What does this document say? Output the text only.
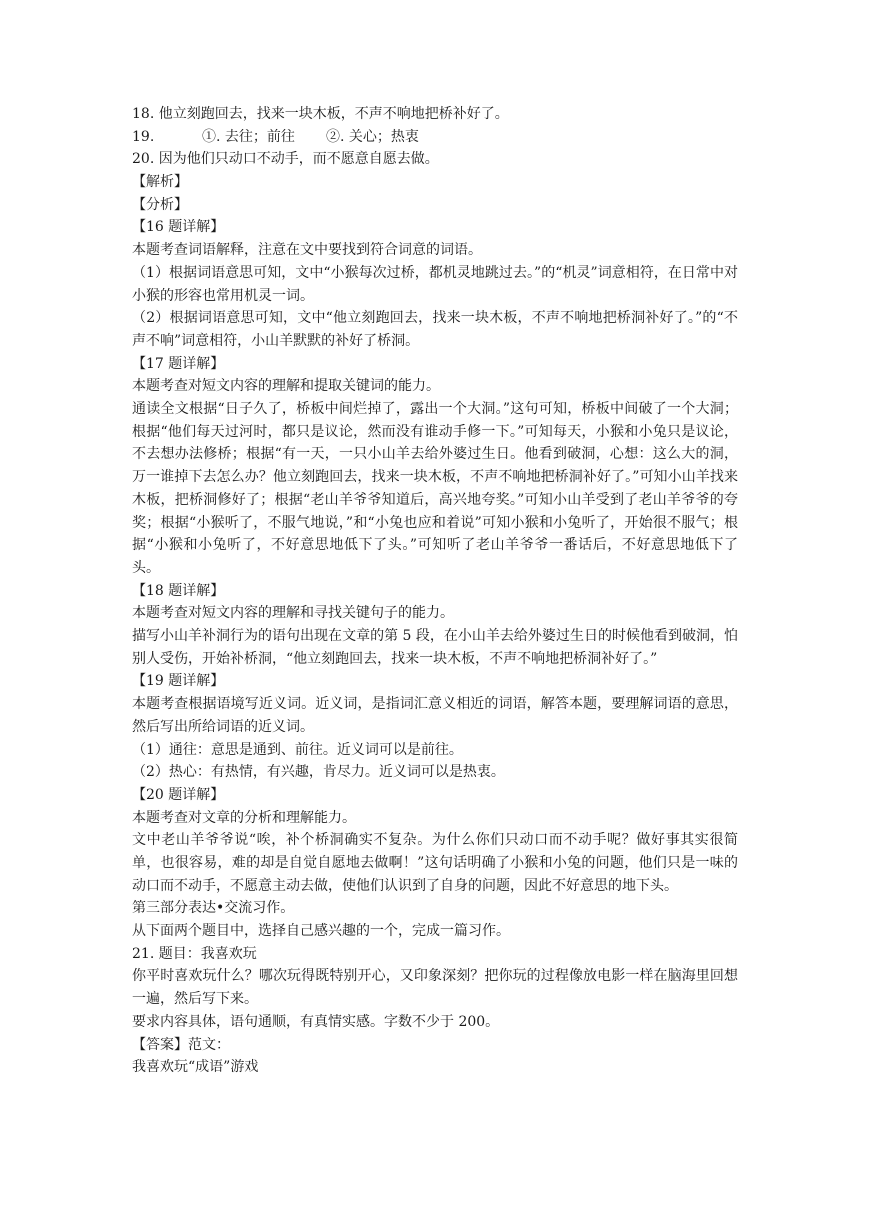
18. 他立刻跑回去，找来一块木板，不声不响地把桥补好了。
19.	①. 去往；前往 ②. 关心；热衷
20. 因为他们只动口不动手，而不愿意自愿去做。
【解析】
【分析】
【16 题详解】
本题考查词语解释，注意在文中要找到符合词意的词语。
（1）根据词语意思可知，文中“小猴每次过桥，都机灵地跳过去。”的“机灵”词意相符，在日常中对小猴的形容也常用机灵一词。
（2）根据词语意思可知，文中“他立刻跑回去，找来一块木板，不声不响地把桥洞补好了。”的“不声不响”词意相符，小山羊默默的补好了桥洞。
【17 题详解】
本题考查对短文内容的理解和提取关键词的能力。
通读全文根据“日子久了，桥板中间烂掉了，露出一个大洞。”这句可知，桥板中间破了一个大洞；根据“他们每天过河时，都只是议论，然而没有谁动手修一下。”可知每天，小猴和小兔只是议论，不去想办法修桥；根据“有一天，一只小山羊去给外婆过生日。他看到破洞，心想：这么大的洞，万一谁掉下去怎么办？他立刻跑回去，找来一块木板，不声不响地把桥洞补好了。”可知小山羊找来木板，把桥洞修好了；根据“老山羊爷爷知道后，高兴地夸奖。”可知小山羊受到了老山羊爷爷的夸奖；根据“小猴听了，不服气地说，”和“小兔也应和着说”可知小猴和小兔听了，开始很不服气；根据“小猴和小兔听了，不好意思地低下了头。”可知听了老山羊爷爷一番话后，不好意思地低下了头。
【18 题详解】
本题考查对短文内容的理解和寻找关键句子的能力。
描写小山羊补洞行为的语句出现在文章的第 5 段，在小山羊去给外婆过生日的时候他看到破洞，怕别人受伤，开始补桥洞，“他立刻跑回去，找来一块木板，不声不响地把桥洞补好了。”
【19 题详解】
本题考查根据语境写近义词。近义词，是指词汇意义相近的词语，解答本题，要理解词语的意思，然后写出所给词语的近义词。
（1）通往：意思是通到、前往。近义词可以是前往。
（2）热心：有热情，有兴趣，肯尽力。近义词可以是热衷。
【20 题详解】
本题考查对文章的分析和理解能力。
文中老山羊爷爷说“唉，补个桥洞确实不复杂。为什么你们只动口而不动手呢？做好事其实很简单，也很容易，难的却是自觉自愿地去做啊！”这句话明确了小猴和小兔的问题，他们只是一味的动口而不动手，不愿意主动去做，使他们认识到了自身的问题，因此不好意思的地下头。
第三部分表达•交流习作。
从下面两个题目中，选择自己感兴趣的一个，完成一篇习作。
21. 题目：我喜欢玩
你平时喜欢玩什么？哪次玩得既特别开心，又印象深刻？把你玩的过程像放电影一样在脑海里回想一遍，然后写下来。
要求内容具体，语句通顺，有真情实感。字数不少于 200。
【答案】范文：
我喜欢玩“成语”游戏
